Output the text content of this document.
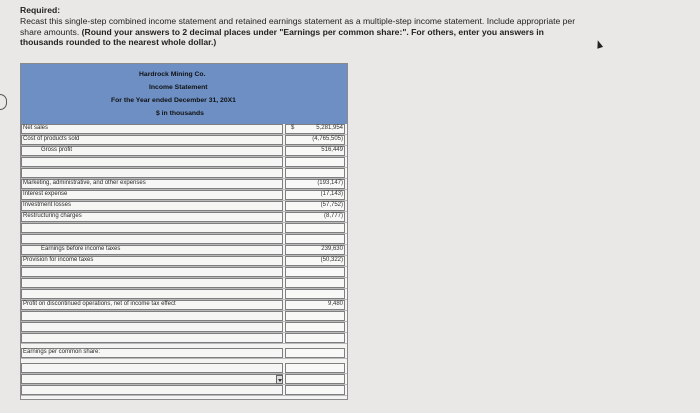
Required:
Recast this single-step combined income statement and retained earnings statement as a multiple-step income statement. Include appropriate per share amounts. (Round your answers to 2 decimal places under "Earnings per common share:". For others, enter you answers in thousands rounded to the nearest whole dollar.)
Hardrock Mining Co.
Income Statement
For the Year ended December 31, 20X1
$ in thousands
Net sales	$	5,281,954
Cost of products sold	(4,765,505)
Gross profit	516,449
Marketing, administrative, and other expenses	(193,147)
Interest expense	(17,143)
Investment losses	(57,752)
Restructuring charges	(8,777)
Earnings before income taxes	239,630
Provision for income taxes	(50,322)
Profit on discontinued operations, net of income tax effect	9,480
Earnings per common share:
